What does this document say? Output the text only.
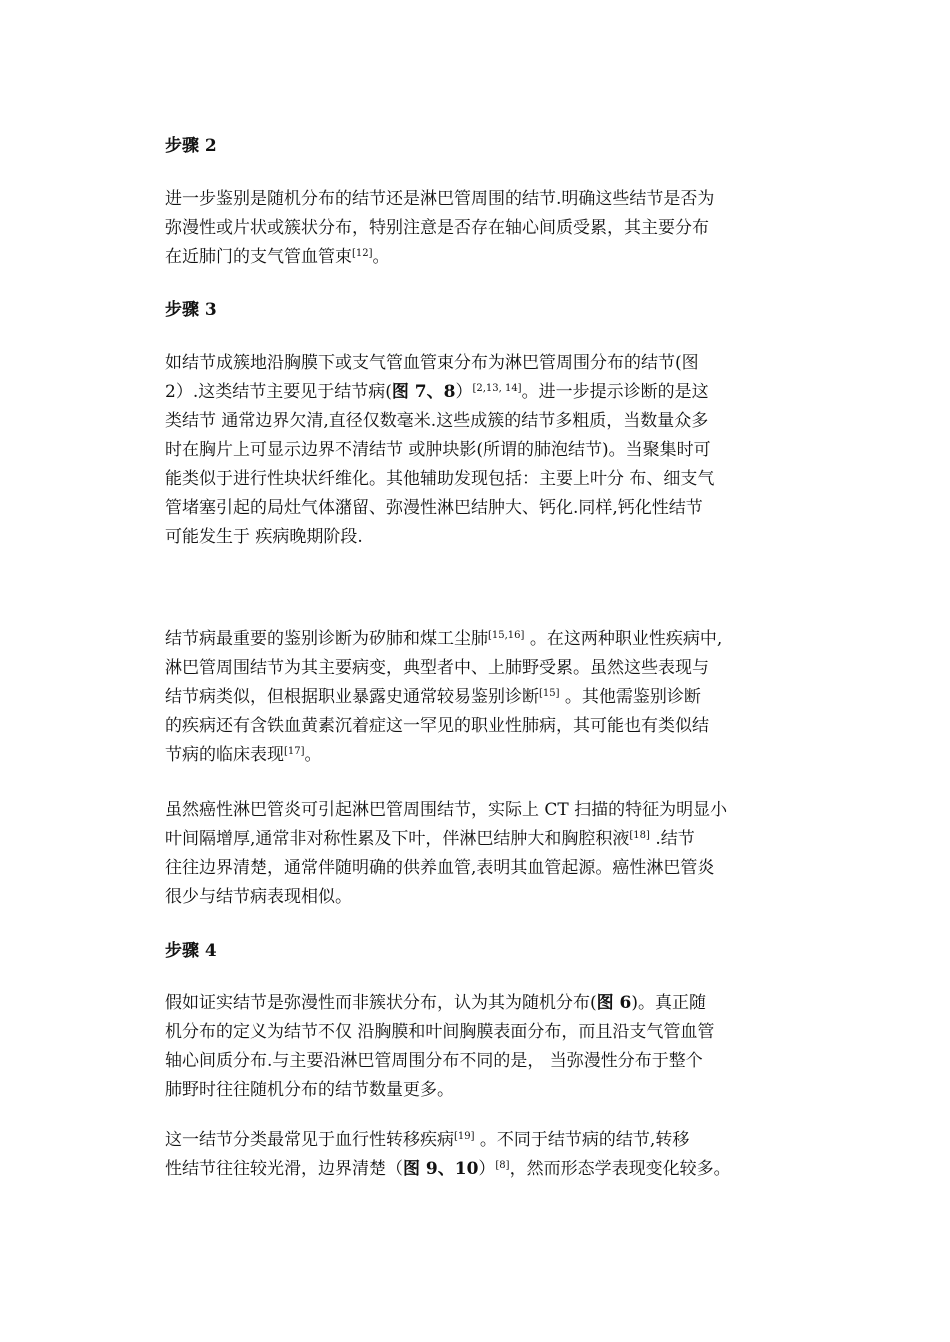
步骤 2
进一步鉴别是随机分布的结节还是淋巴管周围的结节.明确这些结节是否为
弥漫性或片状或簇状分布，特别注意是否存在轴心间质受累，其主要分布
在近肺门的支气管血管束[12]。
步骤 3
如结节成簇地沿胸膜下或支气管血管束分布为淋巴管周围分布的结节(图
2）.这类结节主要见于结节病(图 7、8）[2,13, 14]。进一步提示诊断的是这
类结节 通常边界欠清,直径仅数毫米.这些成簇的结节多粗质，当数量众多
时在胸片上可显示边界不清结节 或肿块影(所谓的肺泡结节)。当聚集时可
能类似于进行性块状纤维化。其他辅助发现包括：主要上叶分 布、细支气
管堵塞引起的局灶气体潴留、弥漫性淋巴结肿大、钙化.同样,钙化性结节
可能发生于 疾病晚期阶段.
结节病最重要的鉴别诊断为矽肺和煤工尘肺[15,16] 。在这两种职业性疾病中,
淋巴管周围结节为其主要病变，典型者中、上肺野受累。虽然这些表现与
结节病类似，但根据职业暴露史通常较易鉴别诊断[15] 。其他需鉴别诊断
的疾病还有含铁血黄素沉着症这一罕见的职业性肺病，其可能也有类似结
节病的临床表现[17]。
虽然癌性淋巴管炎可引起淋巴管周围结节，实际上 CT 扫描的特征为明显小
叶间隔增厚,通常非对称性累及下叶，伴淋巴结肿大和胸腔积液[18] .结节
往往边界清楚，通常伴随明确的供养血管,表明其血管起源。癌性淋巴管炎
很少与结节病表现相似。
步骤 4
假如证实结节是弥漫性而非簇状分布，认为其为随机分布(图 6)。真正随
机分布的定义为结节不仅 沿胸膜和叶间胸膜表面分布，而且沿支气管血管
轴心间质分布.与主要沿淋巴管周围分布不同的是， 当弥漫性分布于整个
肺野时往往随机分布的结节数量更多。
这一结节分类最常见于血行性转移疾病[19] 。不同于结节病的结节,转移
性结节往往较光滑，边界清楚（图 9、10）[8]，然而形态学表现变化较多。
